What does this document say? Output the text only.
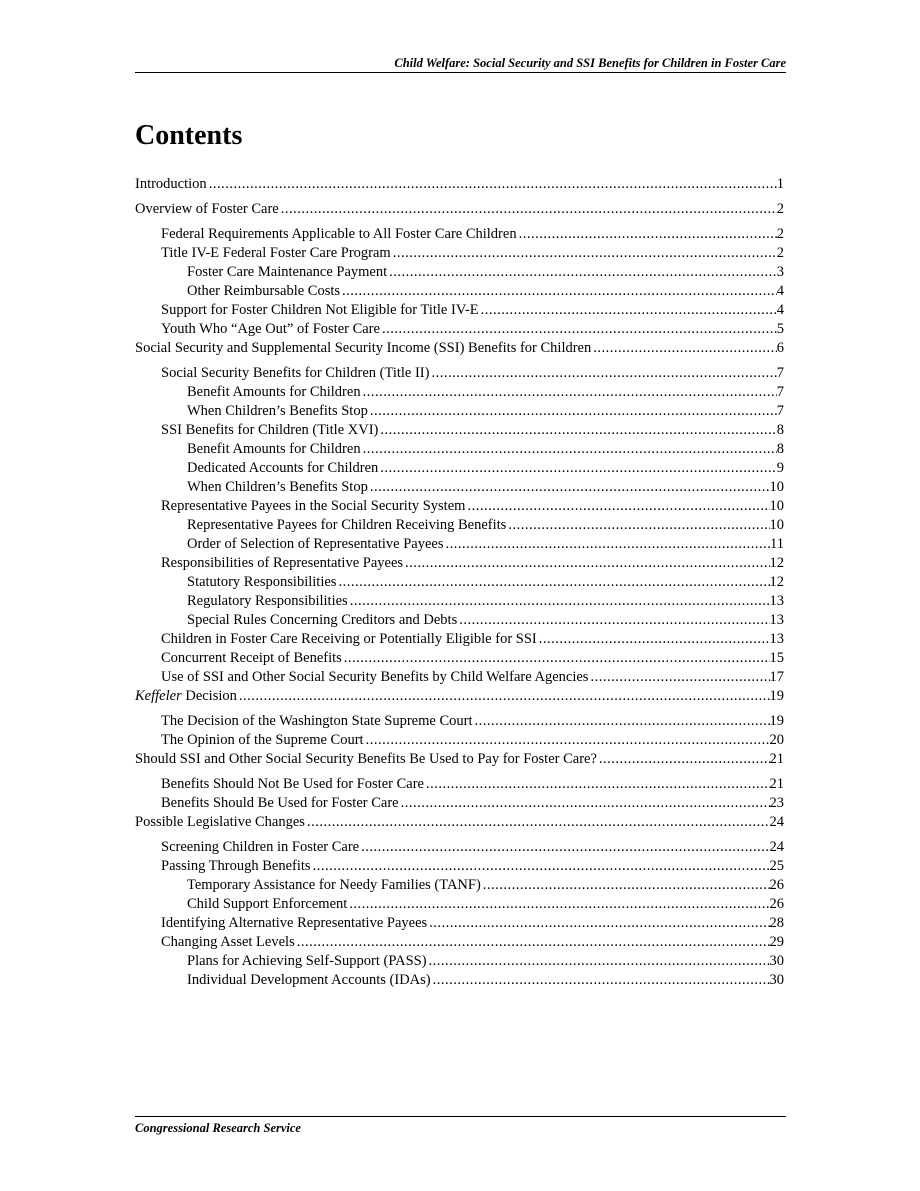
Child Welfare: Social Security and SSI Benefits for Children in Foster Care
Contents
Introduction .....	1
Overview of Foster Care .....	2
Federal Requirements Applicable to All Foster Care Children .....	2
Title IV-E Federal Foster Care Program .....	2
Foster Care Maintenance Payment .....	3
Other Reimbursable Costs .....	4
Support for Foster Children Not Eligible for Title IV-E .....	4
Youth Who “Age Out” of Foster Care .....	5
Social Security and Supplemental Security Income (SSI) Benefits for Children .....	6
Social Security Benefits for Children (Title II) .....	7
Benefit Amounts for Children .....	7
When Children’s Benefits Stop .....	7
SSI Benefits for Children (Title XVI) .....	8
Benefit Amounts for Children .....	8
Dedicated Accounts for Children .....	9
When Children’s Benefits Stop .....	10
Representative Payees in the Social Security System .....	10
Representative Payees for Children Receiving Benefits .....	10
Order of Selection of Representative Payees .....	11
Responsibilities of Representative Payees .....	12
Statutory Responsibilities .....	12
Regulatory Responsibilities .....	13
Special Rules Concerning Creditors and Debts .....	13
Children in Foster Care Receiving or Potentially Eligible for SSI .....	13
Concurrent Receipt of Benefits .....	15
Use of SSI and Other Social Security Benefits by Child Welfare Agencies .....	17
Keffeler Decision .....	19
The Decision of the Washington State Supreme Court .....	19
The Opinion of the Supreme Court .....	20
Should SSI and Other Social Security Benefits Be Used to Pay for Foster Care? .....	21
Benefits Should Not Be Used for Foster Care .....	21
Benefits Should Be Used for Foster Care .....	23
Possible Legislative Changes .....	24
Screening Children in Foster Care .....	24
Passing Through Benefits .....	25
Temporary Assistance for Needy Families (TANF) .....	26
Child Support Enforcement .....	26
Identifying Alternative Representative Payees .....	28
Changing Asset Levels .....	29
Plans for Achieving Self-Support (PASS) .....	30
Individual Development Accounts (IDAs) .....	30
Congressional Research Service
